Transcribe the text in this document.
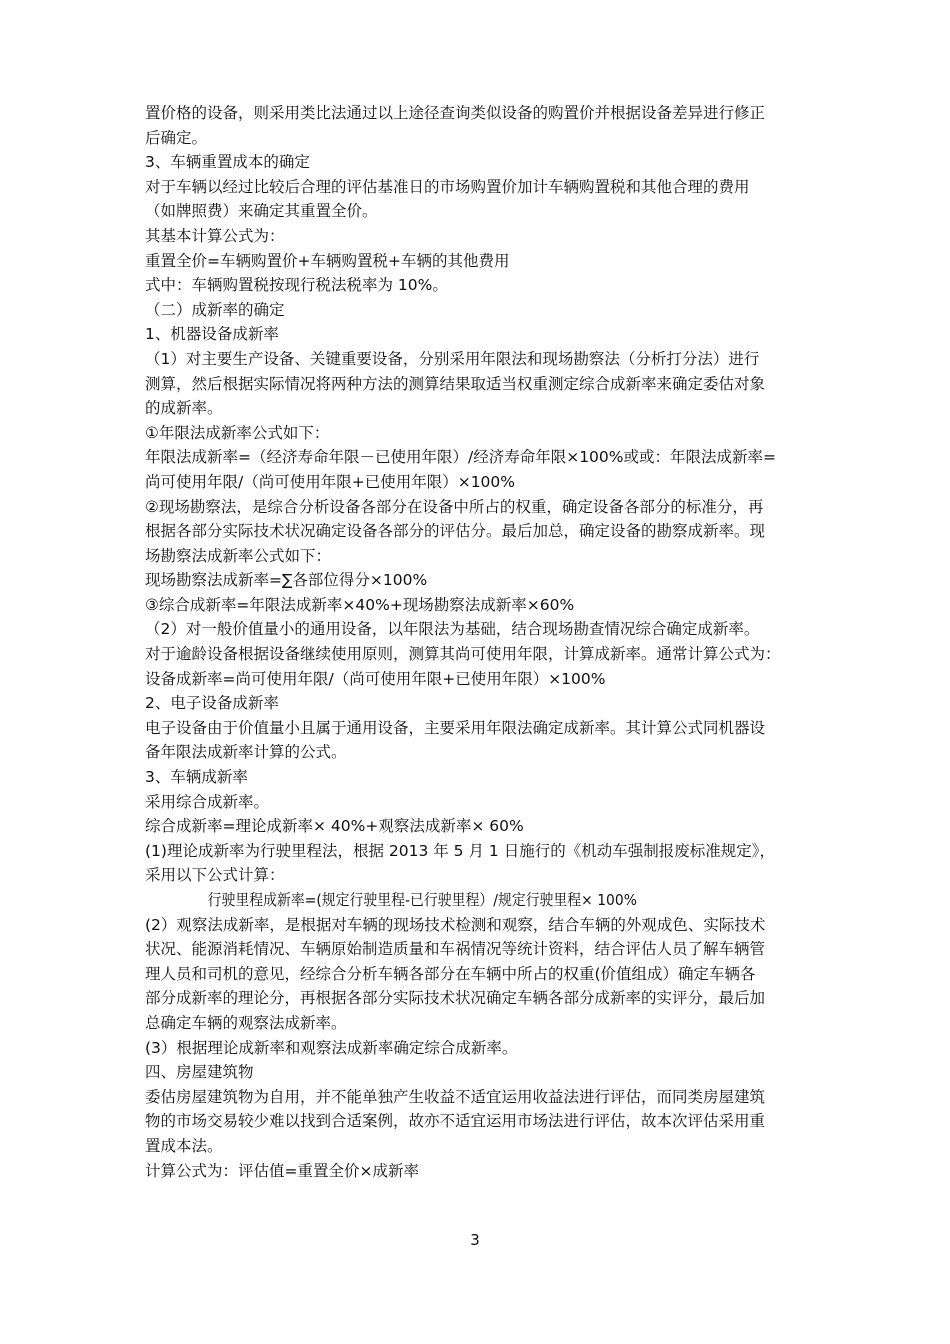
置价格的设备，则采用类比法通过以上途径查询类似设备的购置价并根据设备差异进行修正
后确定。
3、车辆重置成本的确定
对于车辆以经过比较后合理的评估基准日的市场购置价加计车辆购置税和其他合理的费用
（如牌照费）来确定其重置全价。
其基本计算公式为：
重置全价=车辆购置价+车辆购置税+车辆的其他费用
式中：车辆购置税按现行税法税率为 10%。
（二）成新率的确定
1、机器设备成新率
（1）对主要生产设备、关键重要设备，分别采用年限法和现场勘察法（分析打分法）进行
测算，然后根据实际情况将两种方法的测算结果取适当权重测定综合成新率来确定委估对象
的成新率。
①年限法成新率公式如下：
年限法成新率=（经济寿命年限－已使用年限）/经济寿命年限×100%或或：年限法成新率=
尚可使用年限/（尚可使用年限+已使用年限）×100%
②现场勘察法，是综合分析设备各部分在设备中所占的权重，确定设备各部分的标准分，再
根据各部分实际技术状况确定设备各部分的评估分。最后加总，确定设备的勘察成新率。现
场勘察法成新率公式如下：
现场勘察法成新率=∑各部位得分×100%
③综合成新率=年限法成新率×40%+现场勘察法成新率×60%
（2）对一般价值量小的通用设备，以年限法为基础，结合现场勘查情况综合确定成新率。
对于逾龄设备根据设备继续使用原则，测算其尚可使用年限，计算成新率。通常计算公式为：
设备成新率=尚可使用年限/（尚可使用年限+已使用年限）×100%
2、电子设备成新率
电子设备由于价值量小且属于通用设备，主要采用年限法确定成新率。其计算公式同机器设
备年限法成新率计算的公式。
3、车辆成新率
采用综合成新率。
综合成新率=理论成新率× 40%+观察法成新率× 60%
(1)理论成新率为行驶里程法，根据 2013 年 5 月 1 日施行的《机动车强制报废标准规定》，
采用以下公式计算：
行驶里程成新率=(规定行驶里程-已行驶里程）/规定行驶里程× 100%
(2）观察法成新率，是根据对车辆的现场技术检测和观察，结合车辆的外观成色、实际技术
状况、能源消耗情况、车辆原始制造质量和车祸情况等统计资料，结合评估人员了解车辆管
理人员和司机的意见，经综合分析车辆各部分在车辆中所占的权重(价值组成）确定车辆各
部分成新率的理论分，再根据各部分实际技术状况确定车辆各部分成新率的实评分，最后加
总确定车辆的观察法成新率。
(3）根据理论成新率和观察法成新率确定综合成新率。
四、房屋建筑物
委估房屋建筑物为自用，并不能单独产生收益不适宜运用收益法进行评估，而同类房屋建筑
物的市场交易较少难以找到合适案例，故亦不适宜运用市场法进行评估，故本次评估采用重
置成本法。
计算公式为：评估值=重置全价×成新率
3
